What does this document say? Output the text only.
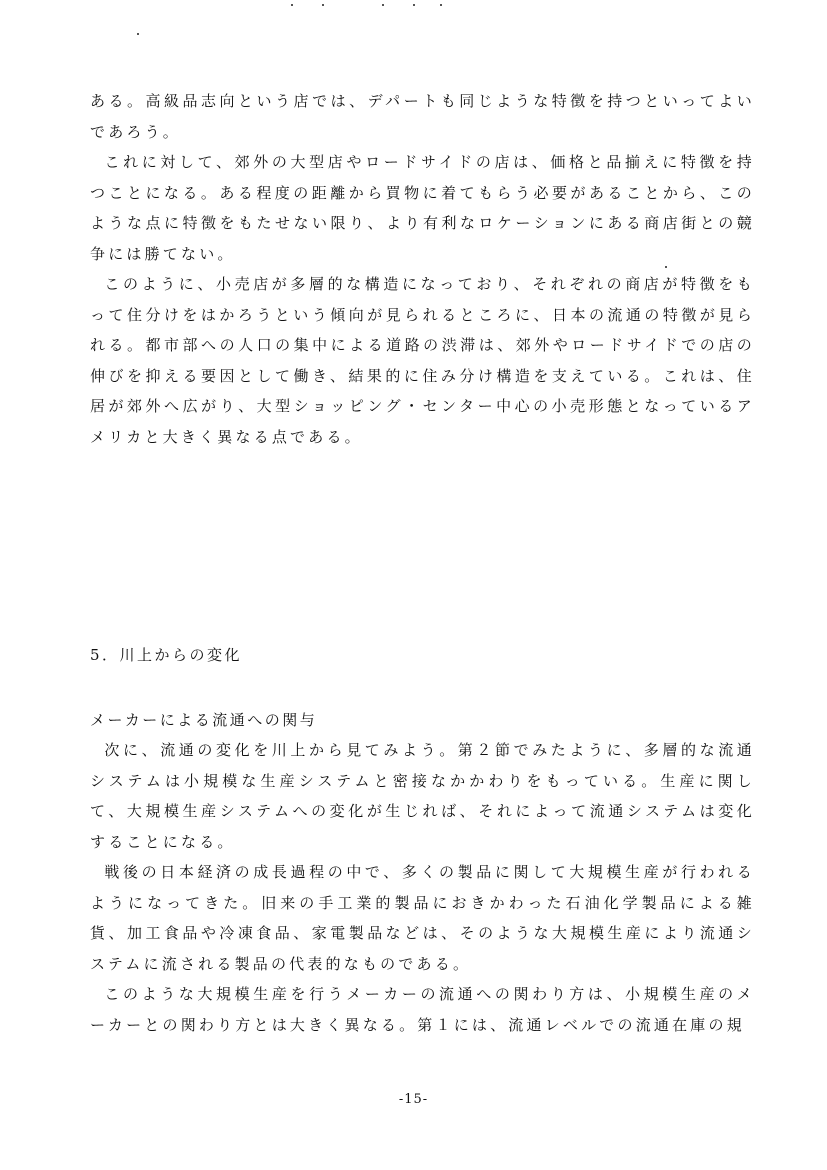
ある。高級品志向という店では、デパートも同じような特徴を持つといってよいであろう。

これに対して、郊外の大型店やロードサイドの店は、価格と品揃えに特徴を持つことになる。ある程度の距離から買物に着てもらう必要があることから、このような点に特徴をもたせない限り、より有利なロケーションにある商店街との競争には勝てない。

このように、小売店が多層的な構造になっており、それぞれの商店が特徴をもって住分けをはかろうという傾向が見られるところに、日本の流通の特徴が見られる。都市部への人口の集中による道路の渋滞は、郊外やロードサイドでの店の伸びを抑える要因として働き、結果的に住み分け構造を支えている。これは、住居が郊外へ広がり、大型ショッピング・センター中心の小売形態となっているアメリカと大きく異なる点である。

5．川上からの変化

メーカーによる流通への関与

次に、流通の変化を川上から見てみよう。第２節でみたように、多層的な流通システムは小規模な生産システムと密接なかかわりをもっている。生産に関して、大規模生産システムへの変化が生じれば、それによって流通システムは変化することになる。

戦後の日本経済の成長過程の中で、多くの製品に関して大規模生産が行われるようになってきた。旧来の手工業的製品におきかわった石油化学製品による雑貨、加工食品や冷凍食品、家電製品などは、そのような大規模生産により流通システムに流される製品の代表的なものである。

このような大規模生産を行うメーカーの流通への関わり方は、小規模生産のメーカーとの関わり方とは大きく異なる。第１には、流通レベルでの流通在庫の規

-15-
